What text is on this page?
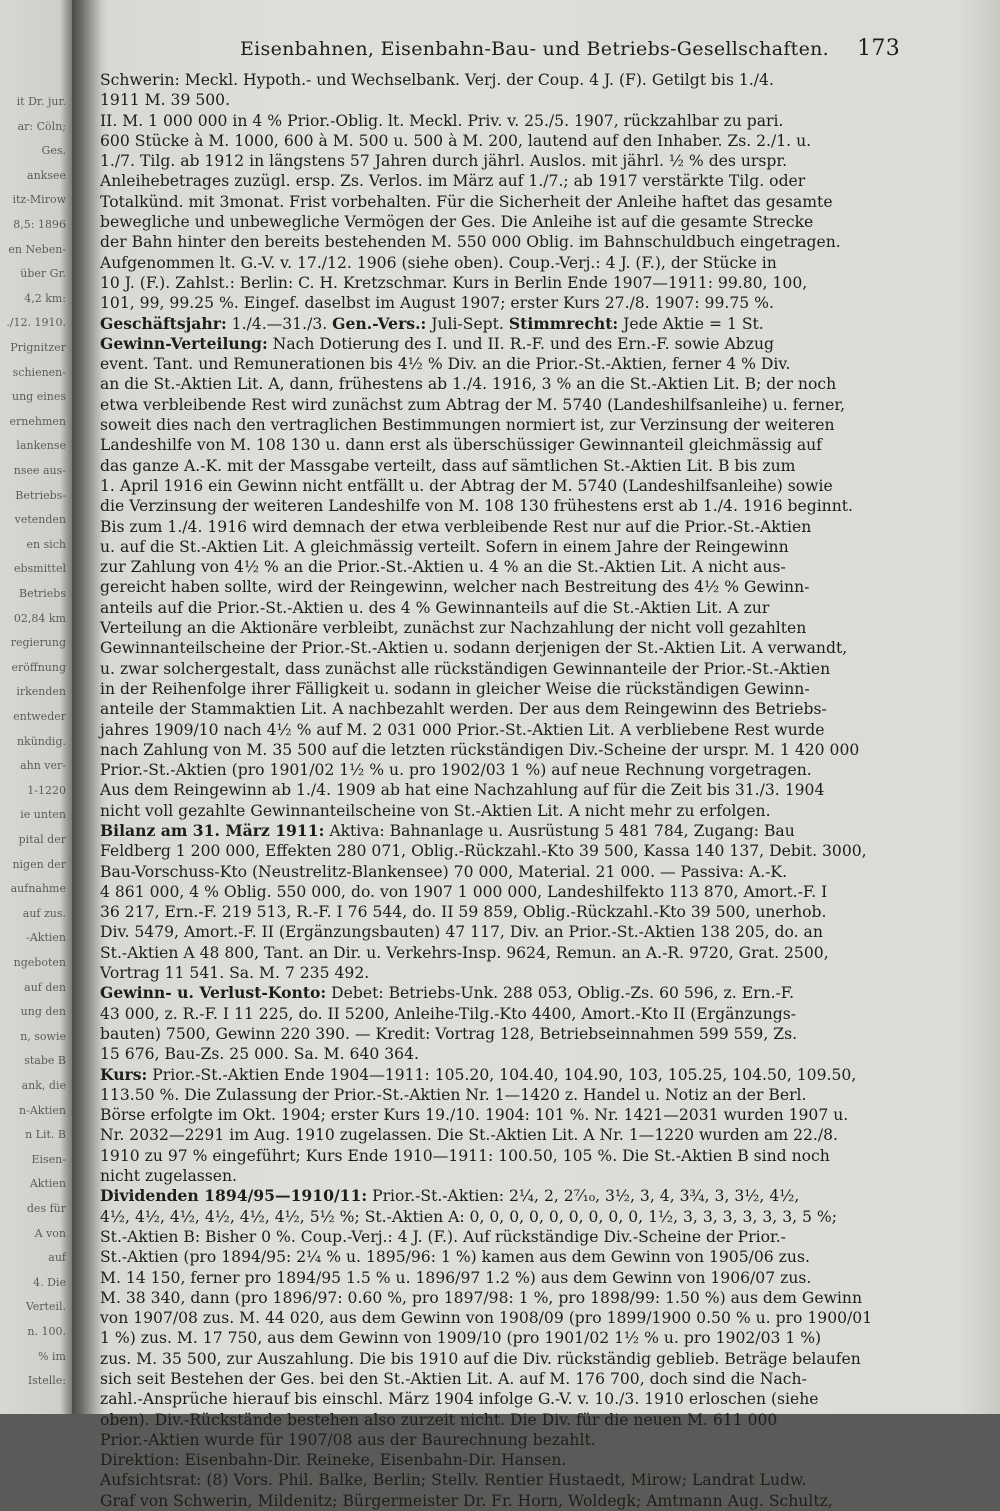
it Dr. jur.
ar: Cöln;
Ges.
anksee
itz-Mirow
8,5: 1896
en Neben-
über Gr.
4,2 km:
./12. 1910.
Prignitzer
schienen-
ung eines
ernehmen
lankense
nsee aus-
Betriebs-
vetenden
en sich
ebsmittel
Betriebs
02,84 km
regierung
eröffnung
irkenden
entweder
nkündig.
ahn ver-
1-1220
ie unten
pital der
nigen der
aufnahme
auf zus.
-Aktien
ngeboten
auf den
ung den
n, sowie
stabe B
ank, die
n-Aktien
n Lit. B
Eisen-
Aktien
des für
A von
auf
4. Die
Verteil.
n. 100.
% im
Istelle:
Eisenbahnen, Eisenbahn-Bau- und Betriebs-Gesellschaften. 173

Schwerin: Meckl. Hypoth.- und Wechselbank. Verj. der Coup. 4 J. (F). Getilgt bis 1./4.

1911 M. 39 500.

II. M. 1 000 000 in 4 % Prior.-Oblig. lt. Meckl. Priv. v. 25./5. 1907, rückzahlbar zu pari.

600 Stücke à M. 1000, 600 à M. 500 u. 500 à M. 200, lautend auf den Inhaber. Zs. 2./1. u.

1./7. Tilg. ab 1912 in längstens 57 Jahren durch jährl. Auslos. mit jährl. ½ % des urspr.

Anleihebetrages zuzügl. ersp. Zs. Verlos. im März auf 1./7.; ab 1917 verstärkte Tilg. oder

Totalkünd. mit 3monat. Frist vorbehalten. Für die Sicherheit der Anleihe haftet das gesamte

bewegliche und unbewegliche Vermögen der Ges. Die Anleihe ist auf die gesamte Strecke

der Bahn hinter den bereits bestehenden M. 550 000 Oblig. im Bahnschuldbuch eingetragen.

Aufgenommen lt. G.-V. v. 17./12. 1906 (siehe oben). Coup.-Verj.: 4 J. (F.), der Stücke in

10 J. (F.). Zahlst.: Berlin: C. H. Kretzschmar. Kurs in Berlin Ende 1907—1911: 99.80, 100,

101, 99, 99.25 %. Eingef. daselbst im August 1907; erster Kurs 27./8. 1907: 99.75 %.

Geschäftsjahr: 1./4.—31./3. Gen.-Vers.: Juli-Sept. Stimmrecht: Jede Aktie = 1 St.

Gewinn-Verteilung: Nach Dotierung des I. und II. R.-F. und des Ern.-F. sowie Abzug

event. Tant. und Remunerationen bis 4½ % Div. an die Prior.-St.-Aktien, ferner 4 % Div.

an die St.-Aktien Lit. A, dann, frühestens ab 1./4. 1916, 3 % an die St.-Aktien Lit. B; der noch

etwa verbleibende Rest wird zunächst zum Abtrag der M. 5740 (Landeshilfsanleihe) u. ferner,

soweit dies nach den vertraglichen Bestimmungen normiert ist, zur Verzinsung der weiteren

Landeshilfe von M. 108 130 u. dann erst als überschüssiger Gewinnanteil gleichmässig auf

das ganze A.-K. mit der Massgabe verteilt, dass auf sämtlichen St.-Aktien Lit. B bis zum

1. April 1916 ein Gewinn nicht entfällt u. der Abtrag der M. 5740 (Landeshilfsanleihe) sowie

die Verzinsung der weiteren Landeshilfe von M. 108 130 frühestens erst ab 1./4. 1916 beginnt.

Bis zum 1./4. 1916 wird demnach der etwa verbleibende Rest nur auf die Prior.-St.-Aktien

u. auf die St.-Aktien Lit. A gleichmässig verteilt. Sofern in einem Jahre der Reingewinn

zur Zahlung von 4½ % an die Prior.-St.-Aktien u. 4 % an die St.-Aktien Lit. A nicht aus-

gereicht haben sollte, wird der Reingewinn, welcher nach Bestreitung des 4½ % Gewinn-

anteils auf die Prior.-St.-Aktien u. des 4 % Gewinnanteils auf die St.-Aktien Lit. A zur

Verteilung an die Aktionäre verbleibt, zunächst zur Nachzahlung der nicht voll gezahlten

Gewinnanteilscheine der Prior.-St.-Aktien u. sodann derjenigen der St.-Aktien Lit. A verwandt,

u. zwar solchergestalt, dass zunächst alle rückständigen Gewinnanteile der Prior.-St.-Aktien

in der Reihenfolge ihrer Fälligkeit u. sodann in gleicher Weise die rückständigen Gewinn-

anteile der Stammaktien Lit. A nachbezahlt werden. Der aus dem Reingewinn des Betriebs-

jahres 1909/10 nach 4½ % auf M. 2 031 000 Prior.-St.-Aktien Lit. A verbliebene Rest wurde

nach Zahlung von M. 35 500 auf die letzten rückständigen Div.-Scheine der urspr. M. 1 420 000

Prior.-St.-Aktien (pro 1901/02 1½ % u. pro 1902/03 1 %) auf neue Rechnung vorgetragen.

Aus dem Reingewinn ab 1./4. 1909 ab hat eine Nachzahlung auf für die Zeit bis 31./3. 1904

nicht voll gezahlte Gewinnanteilscheine von St.-Aktien Lit. A nicht mehr zu erfolgen.

Bilanz am 31. März 1911: Aktiva: Bahnanlage u. Ausrüstung 5 481 784, Zugang: Bau

Feldberg 1 200 000, Effekten 280 071, Oblig.-Rückzahl.-Kto 39 500, Kassa 140 137, Debit. 3000,

Bau-Vorschuss-Kto (Neustrelitz-Blankensee) 70 000, Material. 21 000. — Passiva: A.-K.

4 861 000, 4 % Oblig. 550 000, do. von 1907 1 000 000, Landeshilfekto 113 870, Amort.-F. I

36 217, Ern.-F. 219 513, R.-F. I 76 544, do. II 59 859, Oblig.-Rückzahl.-Kto 39 500, unerhob.

Div. 5479, Amort.-F. II (Ergänzungsbauten) 47 117, Div. an Prior.-St.-Aktien 138 205, do. an

St.-Aktien A 48 800, Tant. an Dir. u. Verkehrs-Insp. 9624, Remun. an A.-R. 9720, Grat. 2500,

Vortrag 11 541. Sa. M. 7 235 492.

Gewinn- u. Verlust-Konto: Debet: Betriebs-Unk. 288 053, Oblig.-Zs. 60 596, z. Ern.-F.

43 000, z. R.-F. I 11 225, do. II 5200, Anleihe-Tilg.-Kto 4400, Amort.-Kto II (Ergänzungs-

bauten) 7500, Gewinn 220 390. — Kredit: Vortrag 128, Betriebseinnahmen 599 559, Zs.

15 676, Bau-Zs. 25 000. Sa. M. 640 364.

Kurs: Prior.-St.-Aktien Ende 1904—1911: 105.20, 104.40, 104.90, 103, 105.25, 104.50, 109.50,

113.50 %. Die Zulassung der Prior.-St.-Aktien Nr. 1—1420 z. Handel u. Notiz an der Berl.

Börse erfolgte im Okt. 1904; erster Kurs 19./10. 1904: 101 %. Nr. 1421—2031 wurden 1907 u.

Nr. 2032—2291 im Aug. 1910 zugelassen. Die St.-Aktien Lit. A Nr. 1—1220 wurden am 22./8.

1910 zu 97 % eingeführt; Kurs Ende 1910—1911: 100.50, 105 %. Die St.-Aktien B sind noch

nicht zugelassen.

Dividenden 1894/95—1910/11: Prior.-St.-Aktien: 2¼, 2, 2⁷⁄₁₀, 3½, 3, 4, 3¾, 3, 3½, 4½,

4½, 4½, 4½, 4½, 4½, 4½, 5½ %; St.-Aktien A: 0, 0, 0, 0, 0, 0, 0, 0, 0, 1½, 3, 3, 3, 3, 3, 3, 5 %;

St.-Aktien B: Bisher 0 %. Coup.-Verj.: 4 J. (F.). Auf rückständige Div.-Scheine der Prior.-

St.-Aktien (pro 1894/95: 2¼ % u. 1895/96: 1 %) kamen aus dem Gewinn von 1905/06 zus.

M. 14 150, ferner pro 1894/95 1.5 % u. 1896/97 1.2 %) aus dem Gewinn von 1906/07 zus.

M. 38 340, dann (pro 1896/97: 0.60 %, pro 1897/98: 1 %, pro 1898/99: 1.50 %) aus dem Gewinn

von 1907/08 zus. M. 44 020, aus dem Gewinn von 1908/09 (pro 1899/1900 0.50 % u. pro 1900/01

1 %) zus. M. 17 750, aus dem Gewinn von 1909/10 (pro 1901/02 1½ % u. pro 1902/03 1 %)

zus. M. 35 500, zur Auszahlung. Die bis 1910 auf die Div. rückständig geblieb. Beträge belaufen

sich seit Bestehen der Ges. bei den St.-Aktien Lit. A. auf M. 176 700, doch sind die Nach-

zahl.-Ansprüche hierauf bis einschl. März 1904 infolge G.-V. v. 10./3. 1910 erloschen (siehe

oben). Div.-Rückstände bestehen also zurzeit nicht. Die Div. für die neuen M. 611 000

Prior.-Aktien wurde für 1907/08 aus der Baurechnung bezahlt.

Direktion: Eisenbahn-Dir. Reineke, Eisenbahn-Dir. Hansen.

Aufsichtsrat: (8) Vors. Phil. Balke, Berlin; Stellv. Rentier Hustaedt, Mirow; Landrat Ludw.

Graf von Schwerin, Mildenitz; Bürgermeister Dr. Fr. Horn, Woldegk; Amtmann Aug. Schultz,
